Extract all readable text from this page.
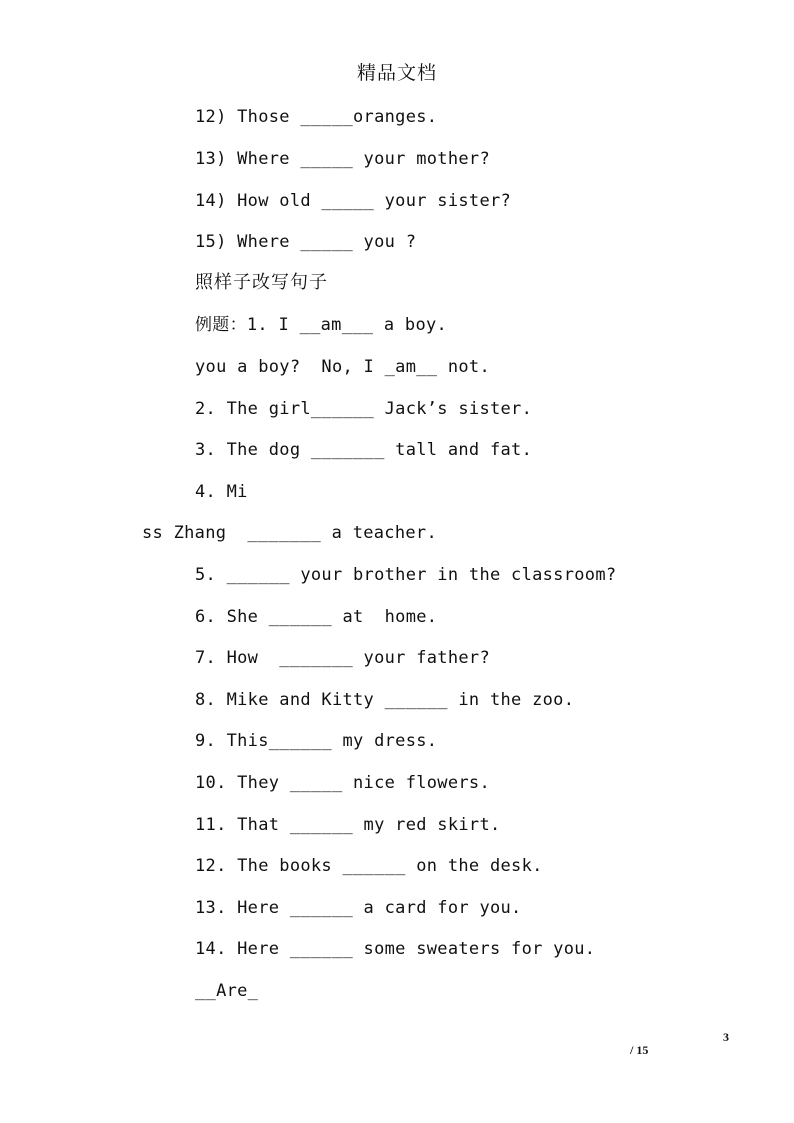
精品文档
12) Those _____oranges.
13) Where _____ your mother?
14) How old _____ your sister?
15) Where _____ you ?
照样子改写句子
例题：1. I __am___ a boy.
you a boy?  No, I _am__ not.
2. The girl______ Jack’s sister.
3. The dog _______ tall and fat.
4. Mi
ss Zhang  _______ a teacher.
5. ______ your brother in the classroom?
6. She ______ at  home.
7. How  _______ your father?
8. Mike and Kitty ______ in the zoo.
9. This______ my dress.
10. They _____ nice flowers.
11. That ______ my red skirt.
12. The books ______ on the desk.
13. Here ______ a card for you.
14. Here ______ some sweaters for you.
__Are_
3
/ 15
